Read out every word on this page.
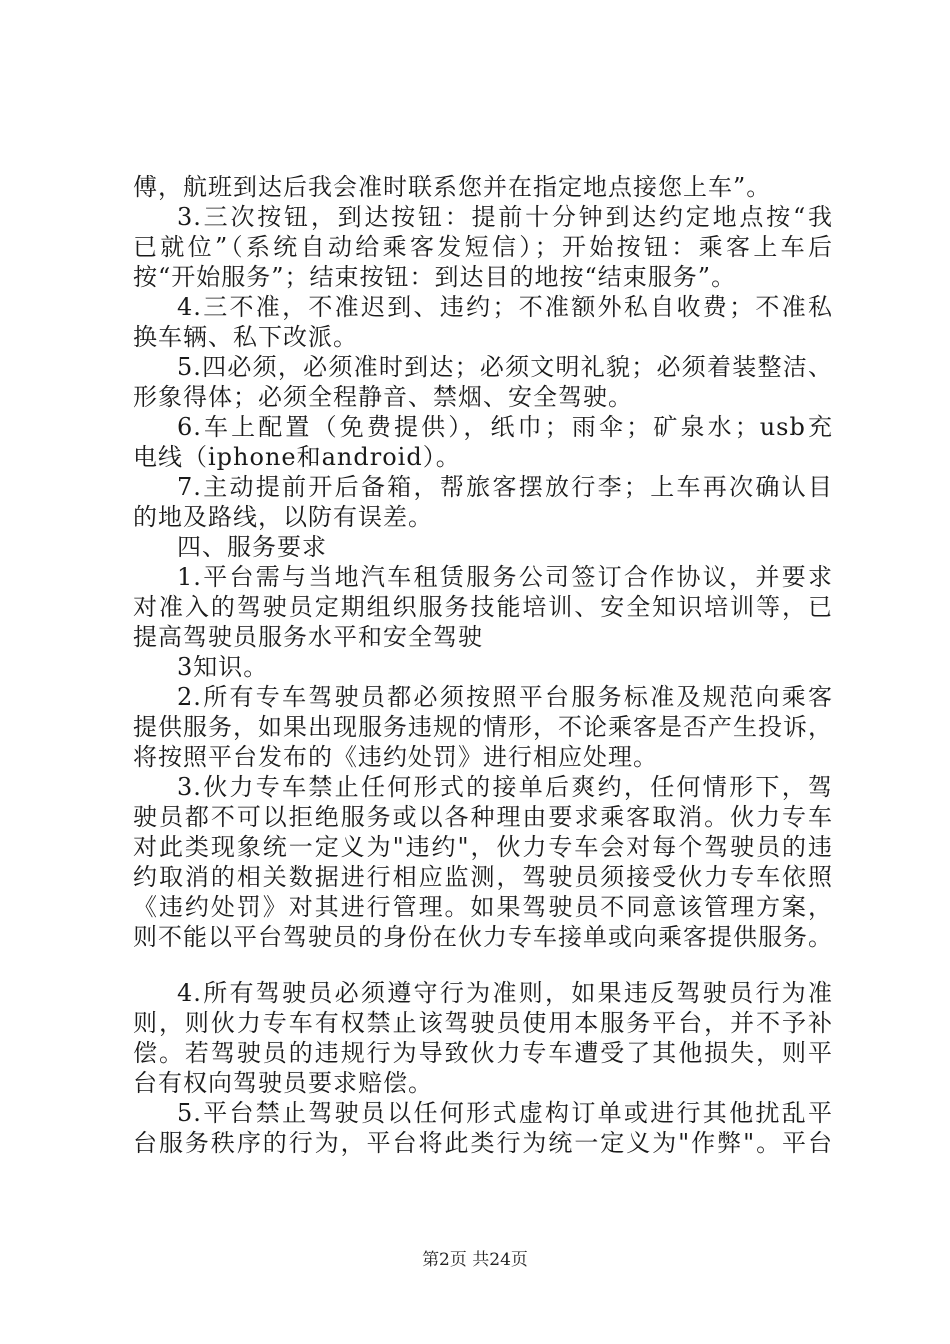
傅，航班到达后我会准时联系您并在指定地点接您上车”。
3.三次按钮，到达按钮：提前十分钟到达约定地点按“我
已就位”（系统自动给乘客发短信）；开始按钮：乘客上车后
按“开始服务”；结束按钮：到达目的地按“结束服务”。
4.三不准，不准迟到、违约；不准额外私自收费；不准私
换车辆、私下改派。
5.四必须，必须准时到达；必须文明礼貌；必须着装整洁、
形象得体；必须全程静音、禁烟、安全驾驶。
6.车上配置（免费提供），纸巾；雨伞；矿泉水；usb充
电线（iphone和android）。
7.主动提前开后备箱，帮旅客摆放行李；上车再次确认目
的地及路线，以防有误差。
四、服务要求
1.平台需与当地汽车租赁服务公司签订合作协议，并要求
对准入的驾驶员定期组织服务技能培训、安全知识培训等，已
提高驾驶员服务水平和安全驾驶
3知识。
2.所有专车驾驶员都必须按照平台服务标准及规范向乘客
提供服务，如果出现服务违规的情形，不论乘客是否产生投诉，
将按照平台发布的《违约处罚》进行相应处理。
3.伙力专车禁止任何形式的接单后爽约，任何情形下，驾
驶员都不可以拒绝服务或以各种理由要求乘客取消。伙力专车
对此类现象统一定义为"违约"，伙力专车会对每个驾驶员的违
约取消的相关数据进行相应监测，驾驶员须接受伙力专车依照
《违约处罚》对其进行管理。如果驾驶员不同意该管理方案，
则不能以平台驾驶员的身份在伙力专车接单或向乘客提供服务。
4.所有驾驶员必须遵守行为准则，如果违反驾驶员行为准
则，则伙力专车有权禁止该驾驶员使用本服务平台，并不予补
偿。若驾驶员的违规行为导致伙力专车遭受了其他损失，则平
台有权向驾驶员要求赔偿。
5.平台禁止驾驶员以任何形式虚构订单或进行其他扰乱平
台服务秩序的行为，平台将此类行为统一定义为"作弊"。平台
第2页 共24页
